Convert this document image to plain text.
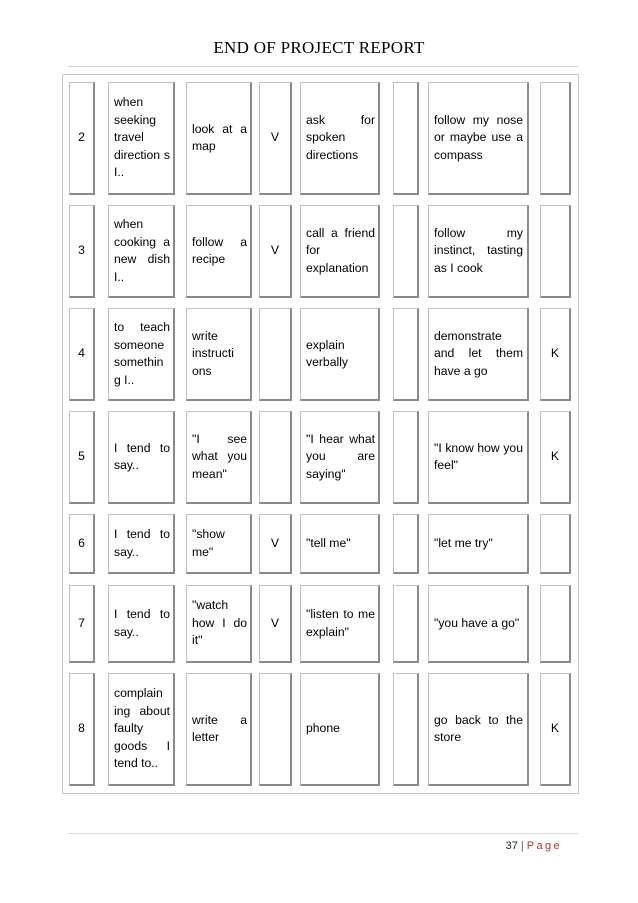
END OF PROJECT REPORT
2
when seeking travel direction s I..
look at a map
V
ask for spoken directions
follow my nose or maybe use a compass
3
when cooking a new dish I..
follow a recipe
V
call a friend for explanation
follow my instinct, tasting as I cook
4
to teach someone somethin g I..
write instructi ons
explain verbally
demonstrate and let them have a go
K
5
I tend to say..
"I see what you mean"
"I hear what you are saying"
"I know how you feel"
K
6
I tend to say..
"show me"
V "tell me"	"let me try"
7
I tend to say..
"watch how I do it"
V
"listen to me explain"
"you have a go"
8
complain ing about faulty goods I tend to..
write a letter
phone
go back to the store
K
37 | Page
